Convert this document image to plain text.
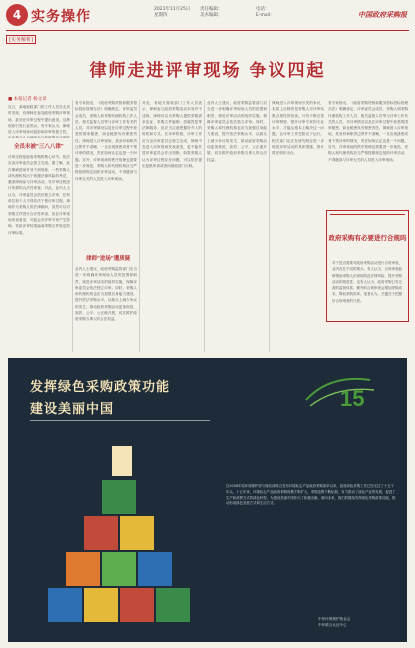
4 实务操作	2021年11月25日
星期四
责任编辑：
美术编辑：
电话：
E-mail：	中国政府采购报
[实务解析]
律师走进评审现场 争议四起
■ 本报记者 杨文章
近日，某地财政部门的工作人员在走访时发现，有律师在参加政府采购评审现场，甚至在评审过程中提出意见。这种现象引发行业热议。有专家认为，律师进入评审现场可能影响评审的独立性，
全员末被"三八八律"
评审过程是政府采购的核心环节，依法应由评审委员会独立完成。据了解，此次律师进场并非个别现象，一些采购人或代理机构出于规避法律风险的考虑，邀请律师参与评审活动，对评审过程进行所谓的合法性审查。对此，业内人士认为，评审委员会依法独立评审，任何单位和个人不得非法干预评审过程。律师作为采购人的法律顾问，虽然可以对采购文件进行合法性审查，但在评审现场发表意见，可能会对评审专家产生影响，导致评审结果偏离采购文件规定的评审标准。
有专家指出，《政府采购货物和服务招标投标管理办法》明确规定，评审委员会成员、采购人和采购代理机构工作人员、相关监督人员等与评审工作有关的人员，对评审情况以及在评审过程中获悉的国家秘密、商业秘密负有保密责任。律师进入评审现场，其身份和职责边界并不清晰，一旦出现泄密或者干预评审的情况，责任如何认定也是一个问题。另外，评审现场的秩序管理也需要进一步规范，采购人和代理机构应当严格按照规定组织评审活动，不得邀请与评审无关的人员进入评审现场。
律师"进场"遭质疑
业内人士建议，政府采购监管部门应当进一步明确评审现场人员的范围和职责，规范评审活动的组织实施，保障评审委员会依法独立评审。同时，采购人和代理机构也应当加强自身能力建设，提升依法采购水平，从源头上减少争议的发生，推动政府采购活动更加规范、高效、公平、公正地开展，切实维护政府采购当事人的合法权益。
对此，有地方财政部门工作人员表示，律师参与政府采购活动本身并不违规，律师可以为采购人提供采购需求论证、采购文件编制、质疑答复等法律服务，但应当注意把握好介入的时机和方式。在评审阶段，评审工作应当由评审委员会独立完成，律师不宜进入评审现场发表意见，更不能代替评审委员会作出判断。如果采购人认为评审过程存在问题，可以依法提出复核申请或者向财政部门反映。
业内人士建议，政府采购监管部门应当进一步明确评审现场人员的范围和职责，规范评审活动的组织实施，保障评审委员会依法独立评审。同时，采购人和代理机构也应当加强自身能力建设，提升依法采购水平，从源头上减少争议的发生，推动政府采购活动更加规范、高效、公平、公正地开展，切实维护政府采购当事人的合法权益。
律师进入评审现场引发的争议，本质上反映的是采购人对评审结果合规性的担忧。只有不断完善评审制度、提升评审专家的专业水平，才能从根本上解决这一问题，让评审工作在阳光下运行。相关部门也正在研究制定进一步规范评审活动的具体措施，预计将在明年出台。
有专家指出，《政府采购货物和服务招标投标管理办法》明确规定，评审委员会成员、采购人和采购代理机构工作人员、相关监督人员等与评审工作有关的人员，对评审情况以及在评审过程中获悉的国家秘密、商业秘密负有保密责任。律师进入评审现场，其身份和职责边界并不清晰，一旦出现泄密或者干预评审的情况，责任如何认定也是一个问题。另外，评审现场的秩序管理也需要进一步规范，采购人和代理机构应当严格按照规定组织评审活动，不得邀请与评审无关的人员进入评审现场。
政府采购有必要进行合规吗
对于是否需要对政府采购活动进行合规审查，业内存在不同的观点。有人认为，合规审查能够帮助采购人识别和防范法律风险，提升采购活动的规范性；也有人认为，政府采购已有完善的监督体系，额外的合规审查会增加采购成本，降低采购效率。笔者认为，关键在于把握好合规审查的尺度。
发挥绿色采购政策功能
建设美丽中国	15
自2006年原环境保护部与财政部联合发布环境标志产品政府采购清单以来，政府绿色采购工作已经走过了十五个年头。十五年来，环境标志产品政府采购规模不断扩大，采购范围不断拓展，有力推动了绿色产业的发展，促进了生产和消费方式的绿色转型，为建设美丽中国作出了积极贡献。面向未来，我们将继续发挥绿色采购政策功能，推动形成绿色发展方式和生活方式。
中华环境保护基金会
中环联合认证中心
